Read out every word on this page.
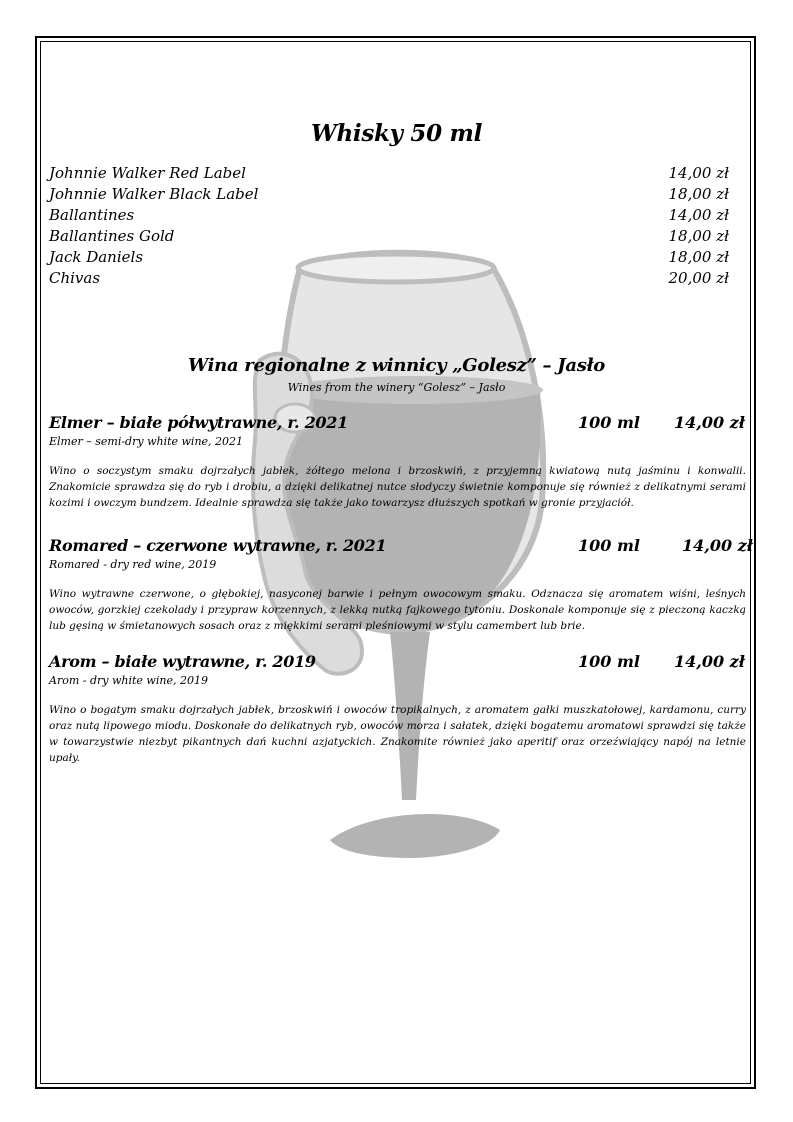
Whisky 50 ml
Johnnie Walker Red Label	14,00 zł
Johnnie Walker Black Label	18,00 zł
Ballantines	14,00 zł
Ballantines Gold	18,00 zł
Jack Daniels	18,00 zł
Chivas	20,00 zł
Wina regionalne z winnicy „Golesz” – Jasło
Wines from the winery “Golesz” – Jasło
Elmer – białe półwytrawne, r. 2021	100 ml 14,00 zł
Elmer – semi-dry white wine, 2021
Wino o soczystym smaku dojrzałych jabłek, żółtego melona i brzoskwiń, z przyjemną kwiatową nutą jaśminu i konwalii. Znakomicie sprawdza się do ryb i drobiu, a dzięki delikatnej nutce słodyczy świetnie komponuje się również z delikatnymi serami kozimi i owczym bundzem. Idealnie sprawdza się także jako towarzysz dłuższych spotkań w gronie przyjaciół.
Romared – czerwone wytrawne, r. 2021	100 ml	14,00 zł
Romared - dry red wine, 2019
Wino wytrawne czerwone, o głębokiej, nasyconej barwie i pełnym owocowym smaku. Odznacza się aromatem wiśni, leśnych owoców, gorzkiej czekolady i przypraw korzennych, z lekką nutką fajkowego tytoniu. Doskonale komponuje się z pieczoną kaczką lub gęsiną w śmietanowych sosach oraz z miękkimi serami pleśniowymi w stylu camembert lub brie.
Arom – białe wytrawne, r. 2019	100 ml 14,00 zł
Arom - dry white wine, 2019
Wino o bogatym smaku dojrzałych jabłek, brzoskwiń i owoców tropikalnych, z aromatem gałki muszkatołowej, kardamonu, curry oraz nutą lipowego miodu. Doskonałe do delikatnych ryb, owoców morza i sałatek, dzięki bogatemu aromatowi sprawdzi się także w towarzystwie niezbyt pikantnych dań kuchni azjatyckich. Znakomite również jako aperitif oraz orzeźwiający napój na letnie upały.
